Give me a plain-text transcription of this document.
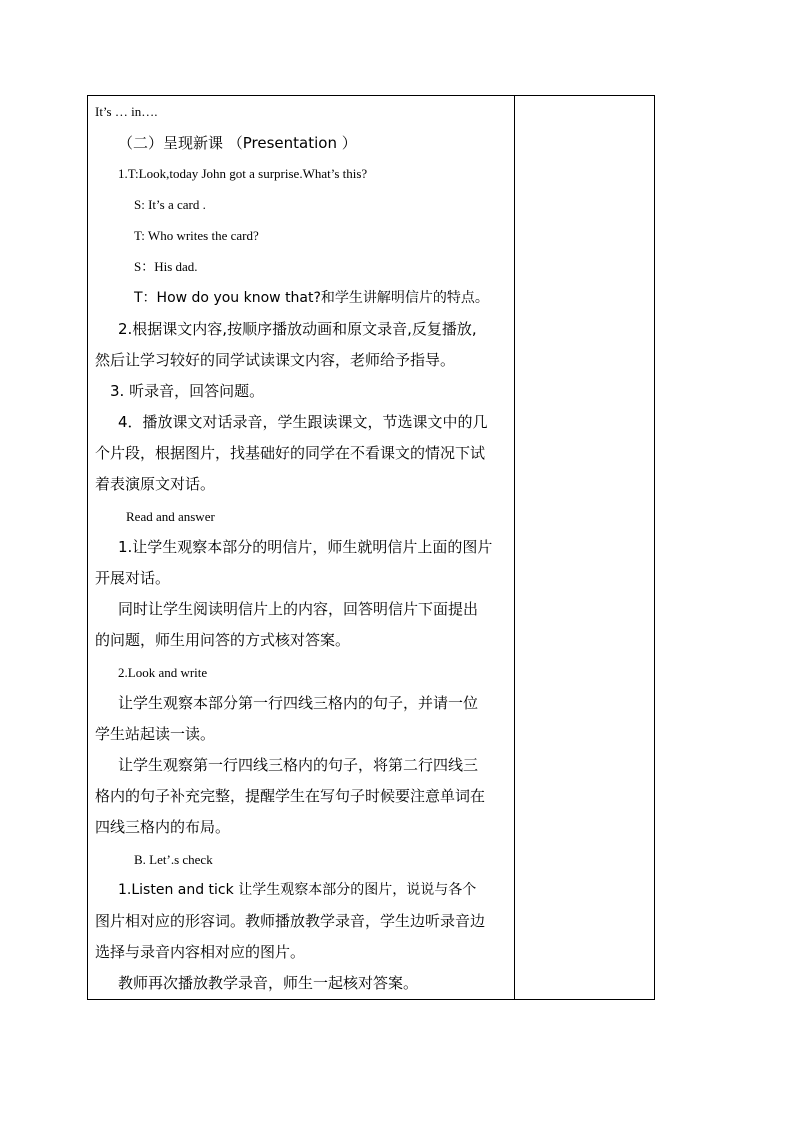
It’s … in….
（二）呈现新课 （Presentation ）
1.T:Look,today John got a surprise.What’s this?
S: It’s a card .
T: Who writes the card?
S：His dad.
T：How do you know that?和学生讲解明信片的特点。
2.根据课文内容,按顺序播放动画和原文录音,反复播放,
然后让学习较好的同学试读课文内容，老师给予指导。
3. 听录音，回答问题。
4．播放课文对话录音，学生跟读课文，节选课文中的几
个片段，根据图片，找基础好的同学在不看课文的情况下试
着表演原文对话。
Read and answer
1.让学生观察本部分的明信片，师生就明信片上面的图片
开展对话。
同时让学生阅读明信片上的内容，回答明信片下面提出
的问题，师生用问答的方式核对答案。
2.Look and write
让学生观察本部分第一行四线三格内的句子，并请一位
学生站起读一读。
让学生观察第一行四线三格内的句子，将第二行四线三
格内的句子补充完整，提醒学生在写句子时候要注意单词在
四线三格内的布局。
B. Let’.s check
1.Listen and tick 让学生观察本部分的图片，说说与各个
图片相对应的形容词。教师播放教学录音，学生边听录音边
选择与录音内容相对应的图片。
教师再次播放教学录音，师生一起核对答案。
